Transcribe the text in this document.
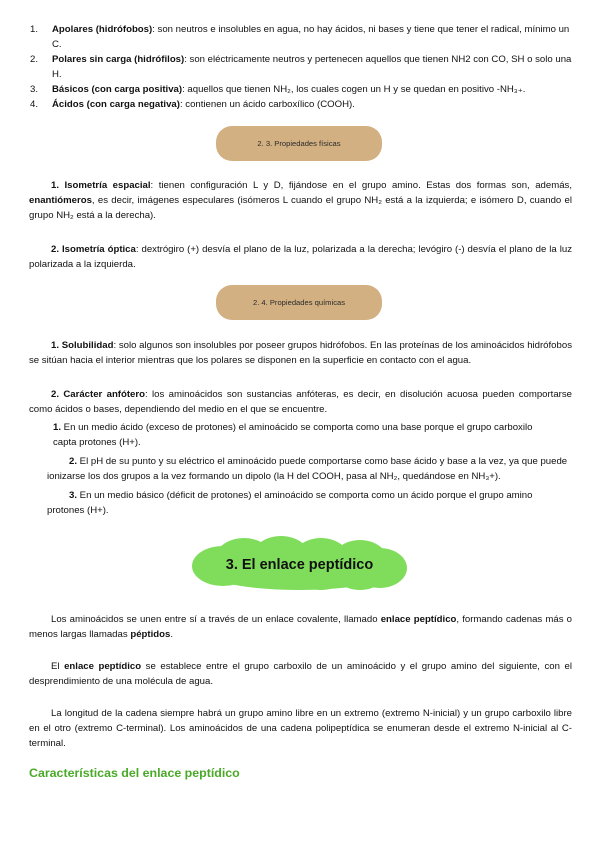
1. Apolares (hidrófobos): son neutros e insolubles en agua, no hay ácidos, ni bases y tiene que tener el radical, mínimo un C.
2. Polares sin carga (hidrófilos): son eléctricamente neutros y pertenecen aquellos que tienen NH2 con CO, SH o solo una H.
3. Básicos (con carga positiva): aquellos que tienen NH₂, los cuales cogen un H y se quedan en positivo -NH₃₊.
4. Ácidos (con carga negativa): contienen un ácido carboxílico (COOH).
2. 3. Propiedades físicas

1. Isometría espacial: tienen configuración L y D, fijándose en el grupo amino. Estas dos formas son, además, enantiómeros, es decir, imágenes especulares (isómeros L cuando el grupo NH₂ está a la izquierda; e isómero D, cuando el grupo NH₂ está a la derecha).

2. Isometría óptica: dextrógiro (+) desvía el plano de la luz, polarizada a la derecha; levógiro (-) desvía el plano de la luz polarizada a la izquierda.

2. 4. Propiedades químicas

1. Solubilidad: solo algunos son insolubles por poseer grupos hidrófobos. En las proteínas de los aminoácidos hidrófobos se sitúan hacia el interior mientras que los polares se disponen en la superficie en contacto con el agua.

2. Carácter anfótero: los aminoácidos son sustancias anfóteras, es decir, en disolución acuosa pueden comportarse como ácidos o bases, dependiendo del medio en el que se encuentre.

1. En un medio ácido (exceso de protones) el aminoácido se comporta como una base porque el grupo carboxilo capta protones (H+).

2. El pH de su punto y su eléctrico el aminoácido puede comportarse como base ácido y base a la vez, ya que puede ionizarse los dos grupos a la vez formando un dipolo (la H del COOH, pasa al NH₂, quedándose en NH₃+).

3. En un medio básico (déficit de protones) el aminoácido se comporta como un ácido porque el grupo amino protones (H+).

3. El enlace peptídico

Los aminoácidos se unen entre sí a través de un enlace covalente, llamado enlace peptídico, formando cadenas más o menos largas llamadas péptidos.

El enlace peptídico se establece entre el grupo carboxilo de un aminoácido y el grupo amino del siguiente, con el desprendimiento de una molécula de agua.

La longitud de la cadena siempre habrá un grupo amino libre en un extremo (extremo N-inicial) y un grupo carboxilo libre en el otro (extremo C-terminal). Los aminoácidos de una cadena polipeptídica se enumeran desde el extremo N-inicial al C-terminal.

Características del enlace peptídico
